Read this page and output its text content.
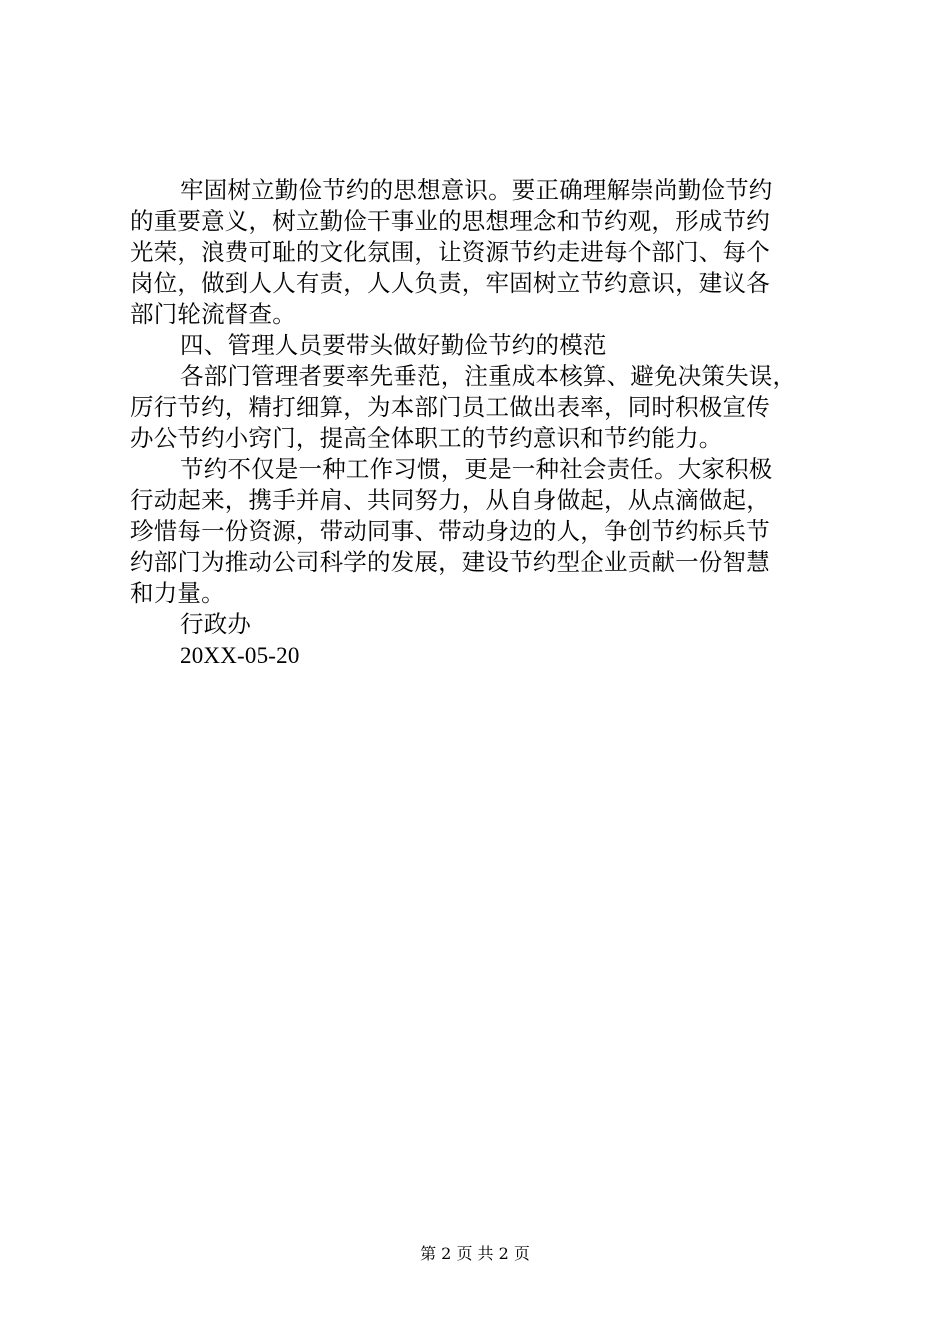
牢固树立勤俭节约的思想意识。要正确理解崇尚勤俭节约
的重要意义，树立勤俭干事业的思想理念和节约观，形成节约
光荣，浪费可耻的文化氛围，让资源节约走进每个部门、每个
岗位，做到人人有责，人人负责，牢固树立节约意识，建议各
部门轮流督查。
四、管理人员要带头做好勤俭节约的模范
各部门管理者要率先垂范，注重成本核算、避免决策失误，
厉行节约，精打细算，为本部门员工做出表率，同时积极宣传
办公节约小窍门，提高全体职工的节约意识和节约能力。
节约不仅是一种工作习惯，更是一种社会责任。大家积极
行动起来，携手并肩、共同努力，从自身做起，从点滴做起，
珍惜每一份资源，带动同事、带动身边的人，争创节约标兵节
约部门为推动公司科学的发展，建设节约型企业贡献一份智慧
和力量。
行政办
20XX-05-20
第 2 页 共 2 页
